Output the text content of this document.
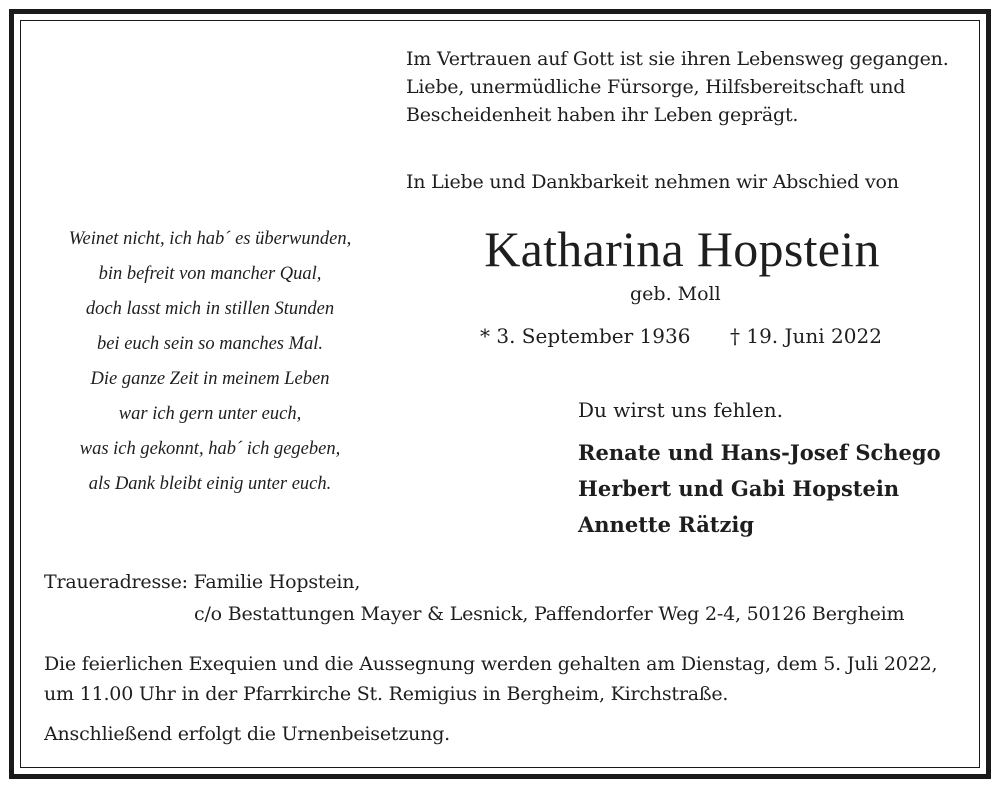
Im Vertrauen auf Gott ist sie ihren Lebensweg gegangen.
Liebe, unermüdliche Fürsorge, Hilfsbereitschaft und
Bescheidenheit haben ihr Leben geprägt.
In Liebe und Dankbarkeit nehmen wir Abschied von
Weinet nicht, ich hab´ es überwunden,
bin befreit von mancher Qual,
doch lasst mich in stillen Stunden
bei euch sein so manches Mal.
Die ganze Zeit in meinem Leben
war ich gern unter euch,
was ich gekonnt, hab´ ich gegeben,
als Dank bleibt einig unter euch.
Katharina Hopstein
geb. Moll
* 3. September 1936 † 19. Juni 2022
Du wirst uns fehlen.
Renate und Hans-Josef Schego
Herbert und Gabi Hopstein
Annette Rätzig
Traueradresse: Familie Hopstein,
c/o Bestattungen Mayer & Lesnick, Paffendorfer Weg 2-4, 50126 Bergheim
Die feierlichen Exequien und die Aussegnung werden gehalten am Dienstag, dem 5. Juli 2022,
um 11.00 Uhr in der Pfarrkirche St. Remigius in Bergheim, Kirchstraße.
Anschließend erfolgt die Urnenbeisetzung.
